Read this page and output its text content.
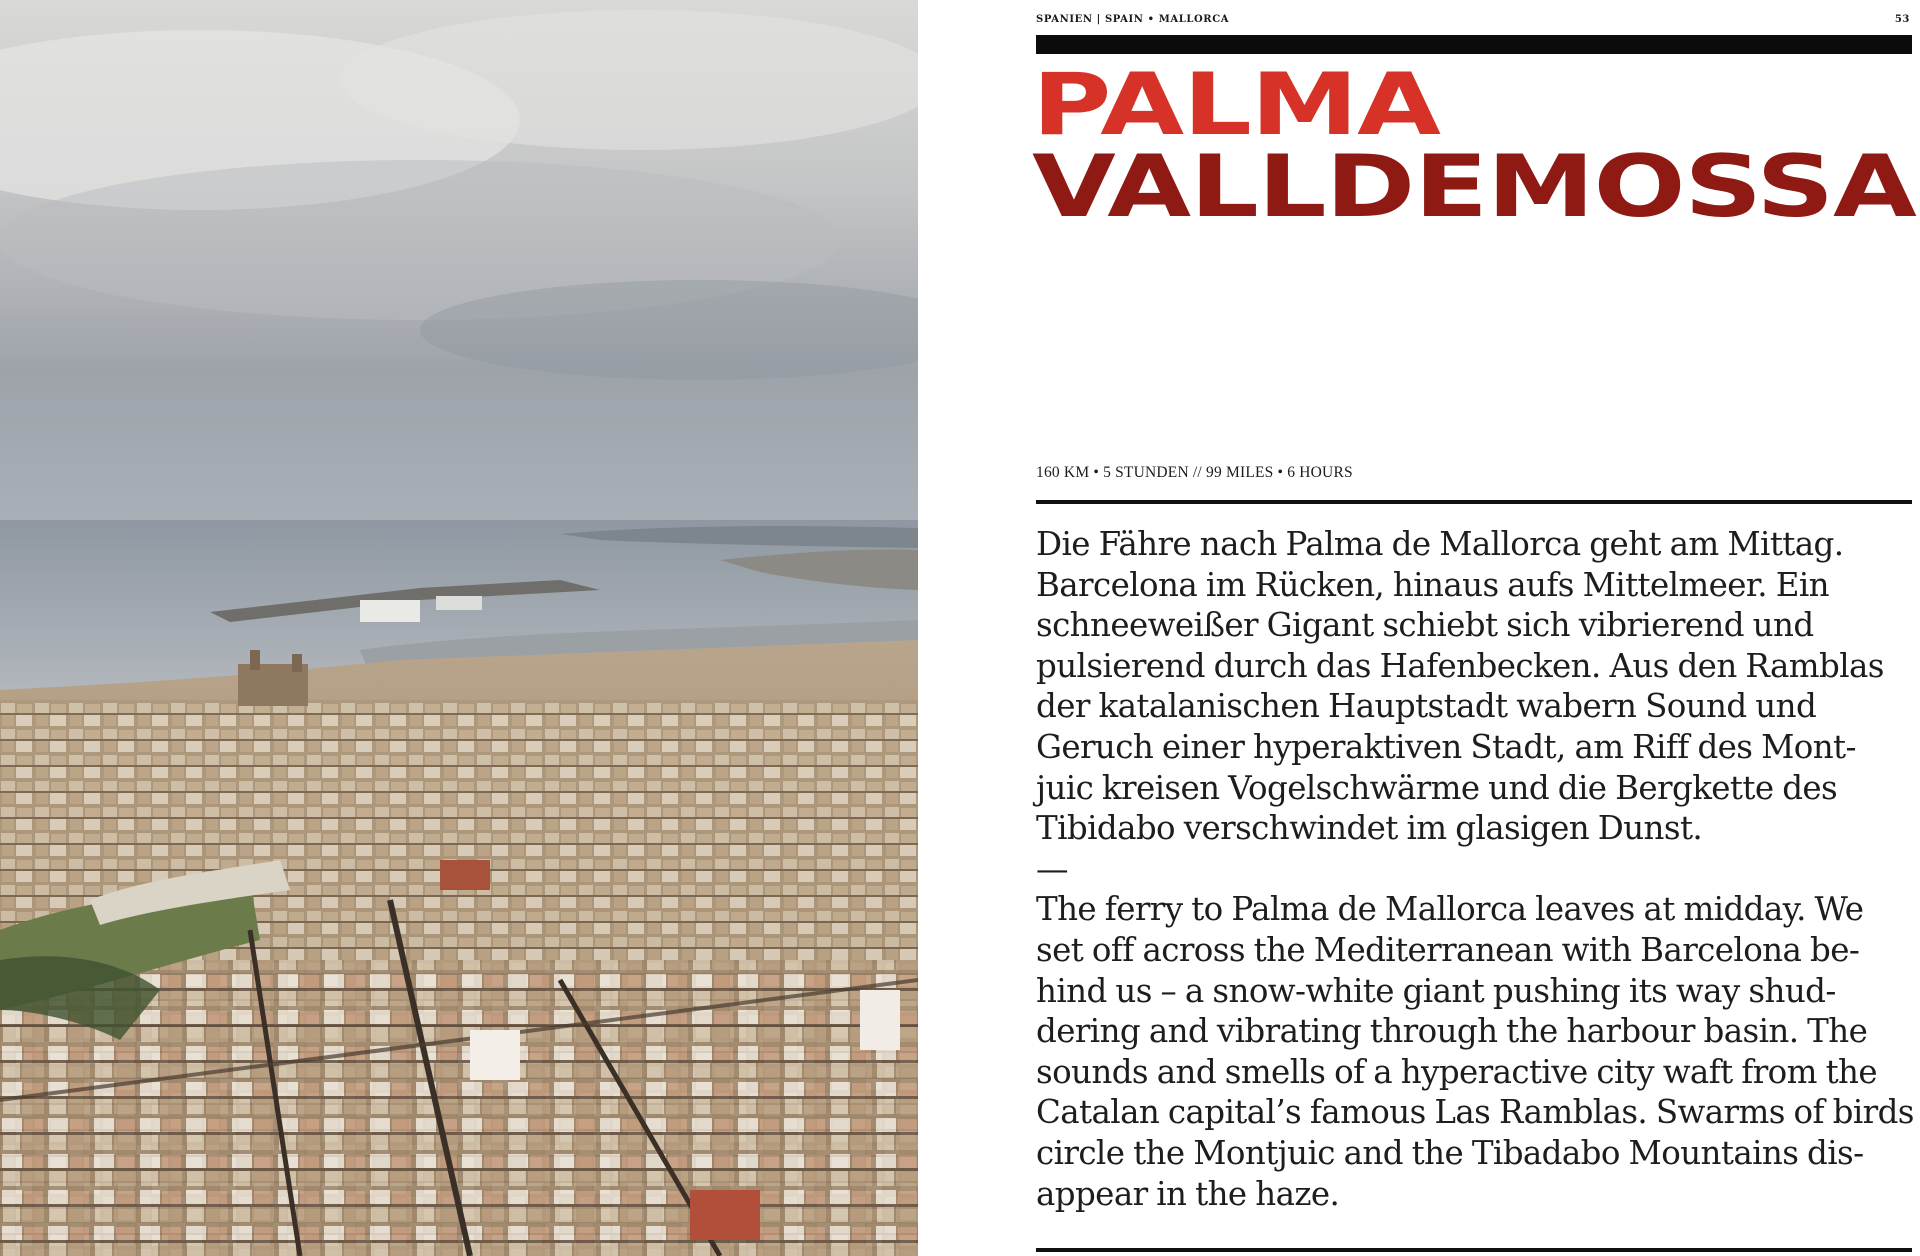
SPANIEN | SPAIN • MALLORCA	53
PALMA
VALLDEMOSSA
160 KM • 5 STUNDEN // 99 MILES • 6 HOURS

Die Fähre nach Palma de Mallorca geht am Mittag.
Barcelona im Rücken, hinaus aufs Mittelmeer. Ein
schneeweißer Gigant schiebt sich vibrierend und
pulsierend durch das Hafenbecken. Aus den Ramblas
der katalanischen Hauptstadt wabern Sound und
Geruch einer hyperaktiven Stadt, am Riff des Mont-
juic kreisen Vogelschwärme und die Bergkette des
Tibidabo verschwindet im glasigen Dunst.

—

The ferry to Palma de Mallorca leaves at midday. We
set off across the Mediterranean with Barcelona be-
hind us – a snow-white giant pushing its way shud-
dering and vibrating through the harbour basin. The
sounds and smells of a hyperactive city waft from the
Catalan capital’s famous Las Ramblas. Swarms of birds
circle the Montjuic and the Tibadabo Mountains dis-
appear in the haze.
